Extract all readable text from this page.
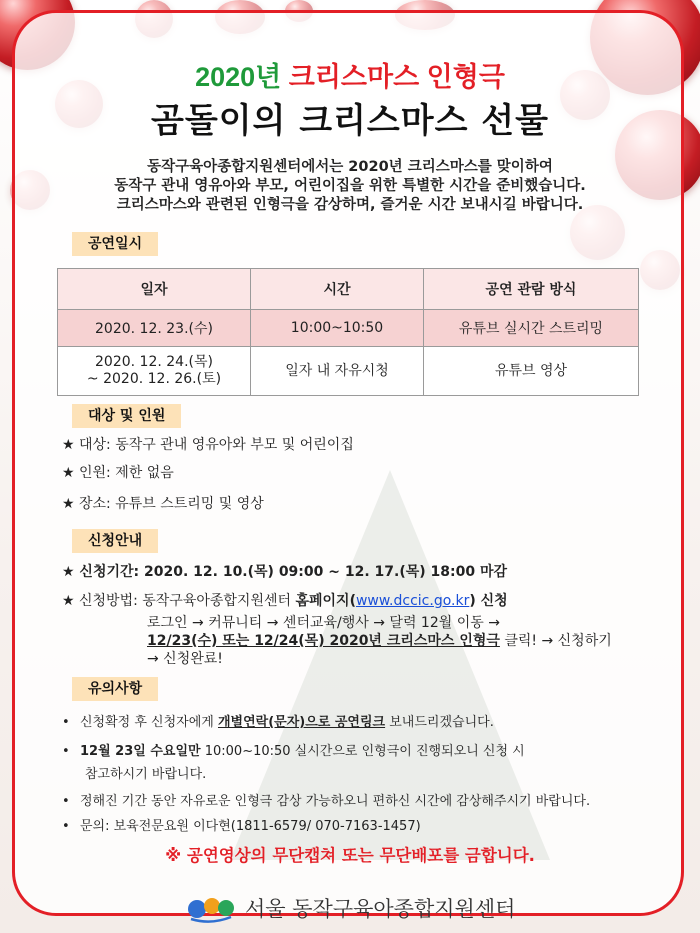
2020년 크리스마스 인형극
곰돌이의 크리스마스 선물
동작구육아종합지원센터에서는 2020년 크리스마스를 맞이하여
동작구 관내 영유아와 부모, 어린이집을 위한 특별한 시간을 준비했습니다.
크리스마스와 관련된 인형극을 감상하며, 즐거운 시간 보내시길 바랍니다.
공연일시
일자	시간	공연 관람 방식
2020. 12. 23.(수)	10:00~10:50	유튜브 실시간 스트리밍

2020. 12. 24.(목)
~ 2020. 12. 26.(토)	일자 내 자유시청	유튜브 영상
대상 및 인원
★ 대상: 동작구 관내 영유아와 부모 및 어린이집
★ 인원: 제한 없음
★ 장소: 유튜브 스트리밍 및 영상
신청안내
★ 신청기간: 2020. 12. 10.(목) 09:00 ~ 12. 17.(목) 18:00 마감
★ 신청방법: 동작구육아종합지원센터 홈페이지(www.dccic.go.kr) 신청
로그인 → 커뮤니티 → 센터교육/행사 → 달력 12월 이동 →
12/23(수) 또는 12/24(목) 2020년 크리스마스 인형극 클릭! → 신청하기
→ 신청완료!
유의사항
• 신청확정 후 신청자에게 개별연락(문자)으로 공연링크 보내드리겠습니다.
• 12월 23일 수요일만 10:00~10:50 실시간으로 인형극이 진행되오니 신청 시
참고하시기 바랍니다.
• 정해진 기간 동안 자유로운 인형극 감상 가능하오니 편하신 시간에 감상해주시기 바랍니다.
• 문의: 보육전문요원 이다현(1811-6579/ 070-7163-1457)
※ 공연영상의 무단캡쳐 또는 무단배포를 금합니다.
서울 동작구육아종합지원센터
